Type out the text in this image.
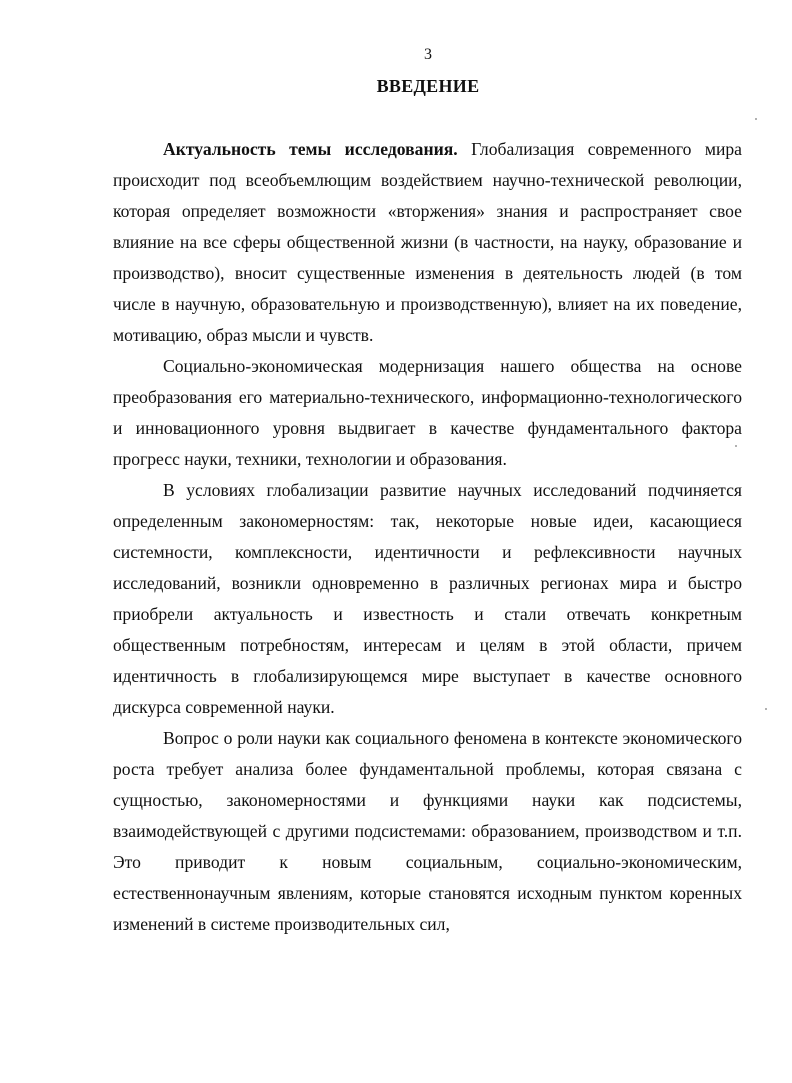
3
ВВЕДЕНИЕ

Актуальность темы исследования. Глобализация современного мира происходит под всеобъемлющим воздействием научно-технической революции, которая определяет возможности «вторжения» знания и распространяет свое влияние на все сферы общественной жизни (в частности, на науку, образование и производство), вносит существенные изменения в деятельность людей (в том числе в научную, образовательную и производственную), влияет на их поведение, мотивацию, образ мысли и чувств.

Социально-экономическая модернизация нашего общества на основе преобразования его материально-технического, информационно-технологического и инновационного уровня выдвигает в качестве фундаментального фактора прогресс науки, техники, технологии и образования.

В условиях глобализации развитие научных исследований подчиняется определенным закономерностям: так, некоторые новые идеи, касающиеся системности, комплексности, идентичности и рефлексивности научных исследований, возникли одновременно в различных регионах мира и быстро приобрели актуальность и известность и стали отвечать конкретным общественным потребностям, интересам и целям в этой области, причем идентичность в глобализирующемся мире выступает в качестве основного дискурса современной науки.

Вопрос о роли науки как социального феномена в контексте экономического роста требует анализа более фундаментальной проблемы, которая связана с сущностью, закономерностями и функциями науки как подсистемы, взаимодействующей с другими подсистемами: образованием, производством и т.п. Это приводит к новым социальным, социально-экономическим, естественнонаучным явлениям, которые становятся исходным пунктом коренных изменений в системе производительных сил,
